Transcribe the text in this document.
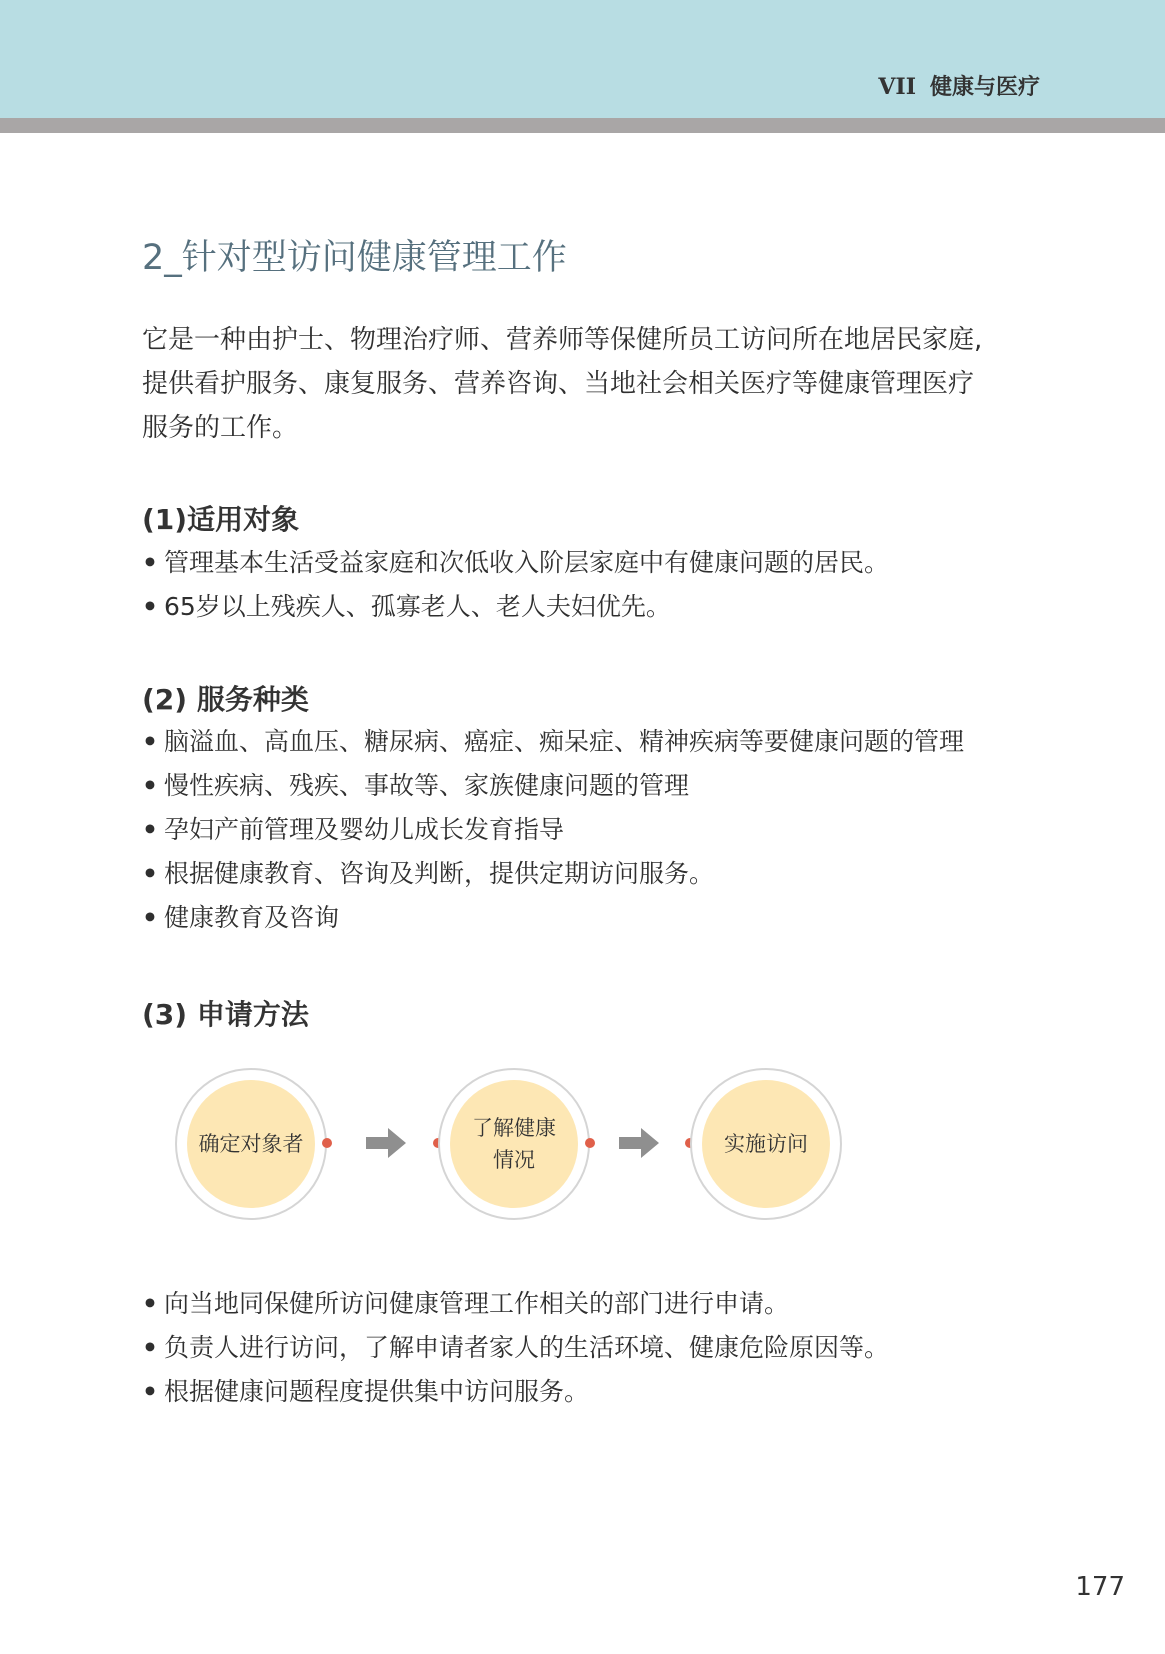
VII 健康与医疗
2_针对型访问健康管理工作
它是一种由护士、物理治疗师、营养师等保健所员工访问所在地居民家庭,
提供看护服务、康复服务、营养咨询、当地社会相关医疗等健康管理医疗
服务的工作。
(1)适用对象
• 管理基本生活受益家庭和次低收入阶层家庭中有健康问题的居民。
• 65岁以上残疾人、孤寡老人、老人夫妇优先。
(2) 服务种类
• 脑溢血、高血压、糖尿病、癌症、痴呆症、精神疾病等要健康问题的管理
• 慢性疾病、残疾、事故等、家族健康问题的管理
• 孕妇产前管理及婴幼儿成长发育指导
• 根据健康教育、咨询及判断，提供定期访问服务。
• 健康教育及咨询
(3) 申请方法
确定对象者
了解健康
情况
实施访问
• 向当地同保健所访问健康管理工作相关的部门进行申请。
• 负责人进行访问，了解申请者家人的生活环境、健康危险原因等。
• 根据健康问题程度提供集中访问服务。
177
